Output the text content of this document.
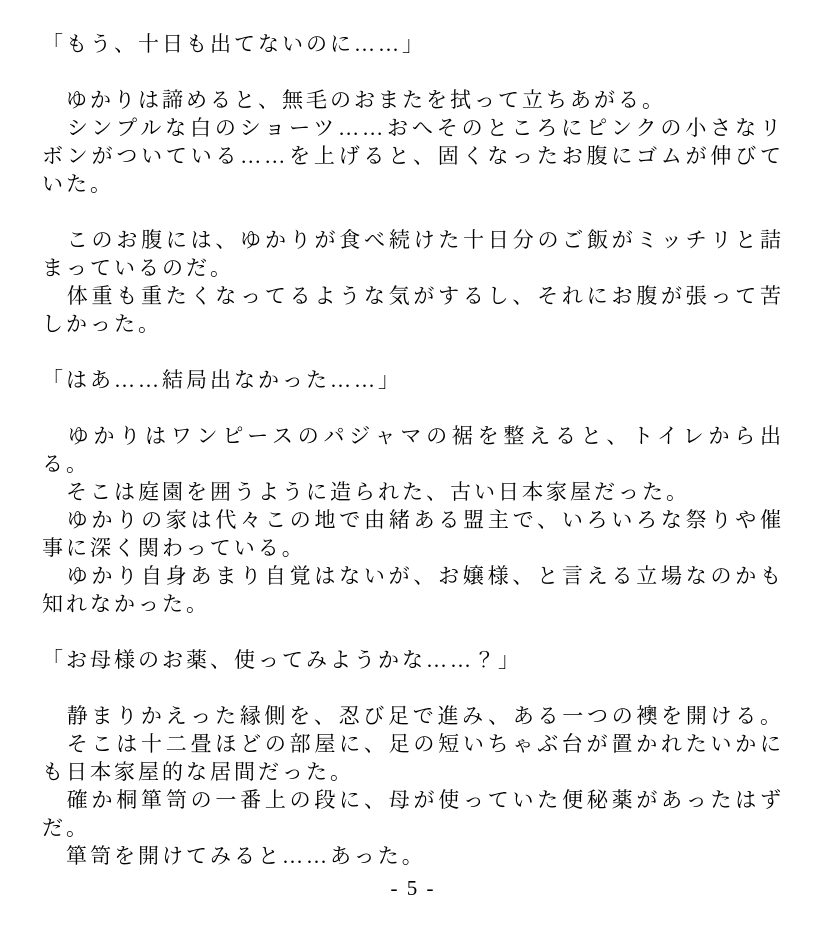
「もう、十日も出てないのに……」
　ゆかりは諦めると、無毛のおまたを拭って立ちあがる。
　シンプルな白のショーツ……おへそのところにピンクの小さなリ
ボンがついている……を上げると、固くなったお腹にゴムが伸びて
いた。
　このお腹には、ゆかりが食べ続けた十日分のご飯がミッチリと詰
まっているのだ。
　体重も重たくなってるような気がするし、それにお腹が張って苦
しかった。
「はあ……結局出なかった……」
　ゆかりはワンピースのパジャマの裾を整えると、トイレから出
る。
　そこは庭園を囲うように造られた、古い日本家屋だった。
　ゆかりの家は代々この地で由緒ある盟主で、いろいろな祭りや催
事に深く関わっている。
　ゆかり自身あまり自覚はないが、お嬢様、と言える立場なのかも
知れなかった。
「お母様のお薬、使ってみようかな……？」
　静まりかえった縁側を、忍び足で進み、ある一つの襖を開ける。
　そこは十二畳ほどの部屋に、足の短いちゃぶ台が置かれたいかに
も日本家屋的な居間だった。
　確か桐箪笥の一番上の段に、母が使っていた便秘薬があったはず
だ。
　箪笥を開けてみると……あった。
- 5 -
